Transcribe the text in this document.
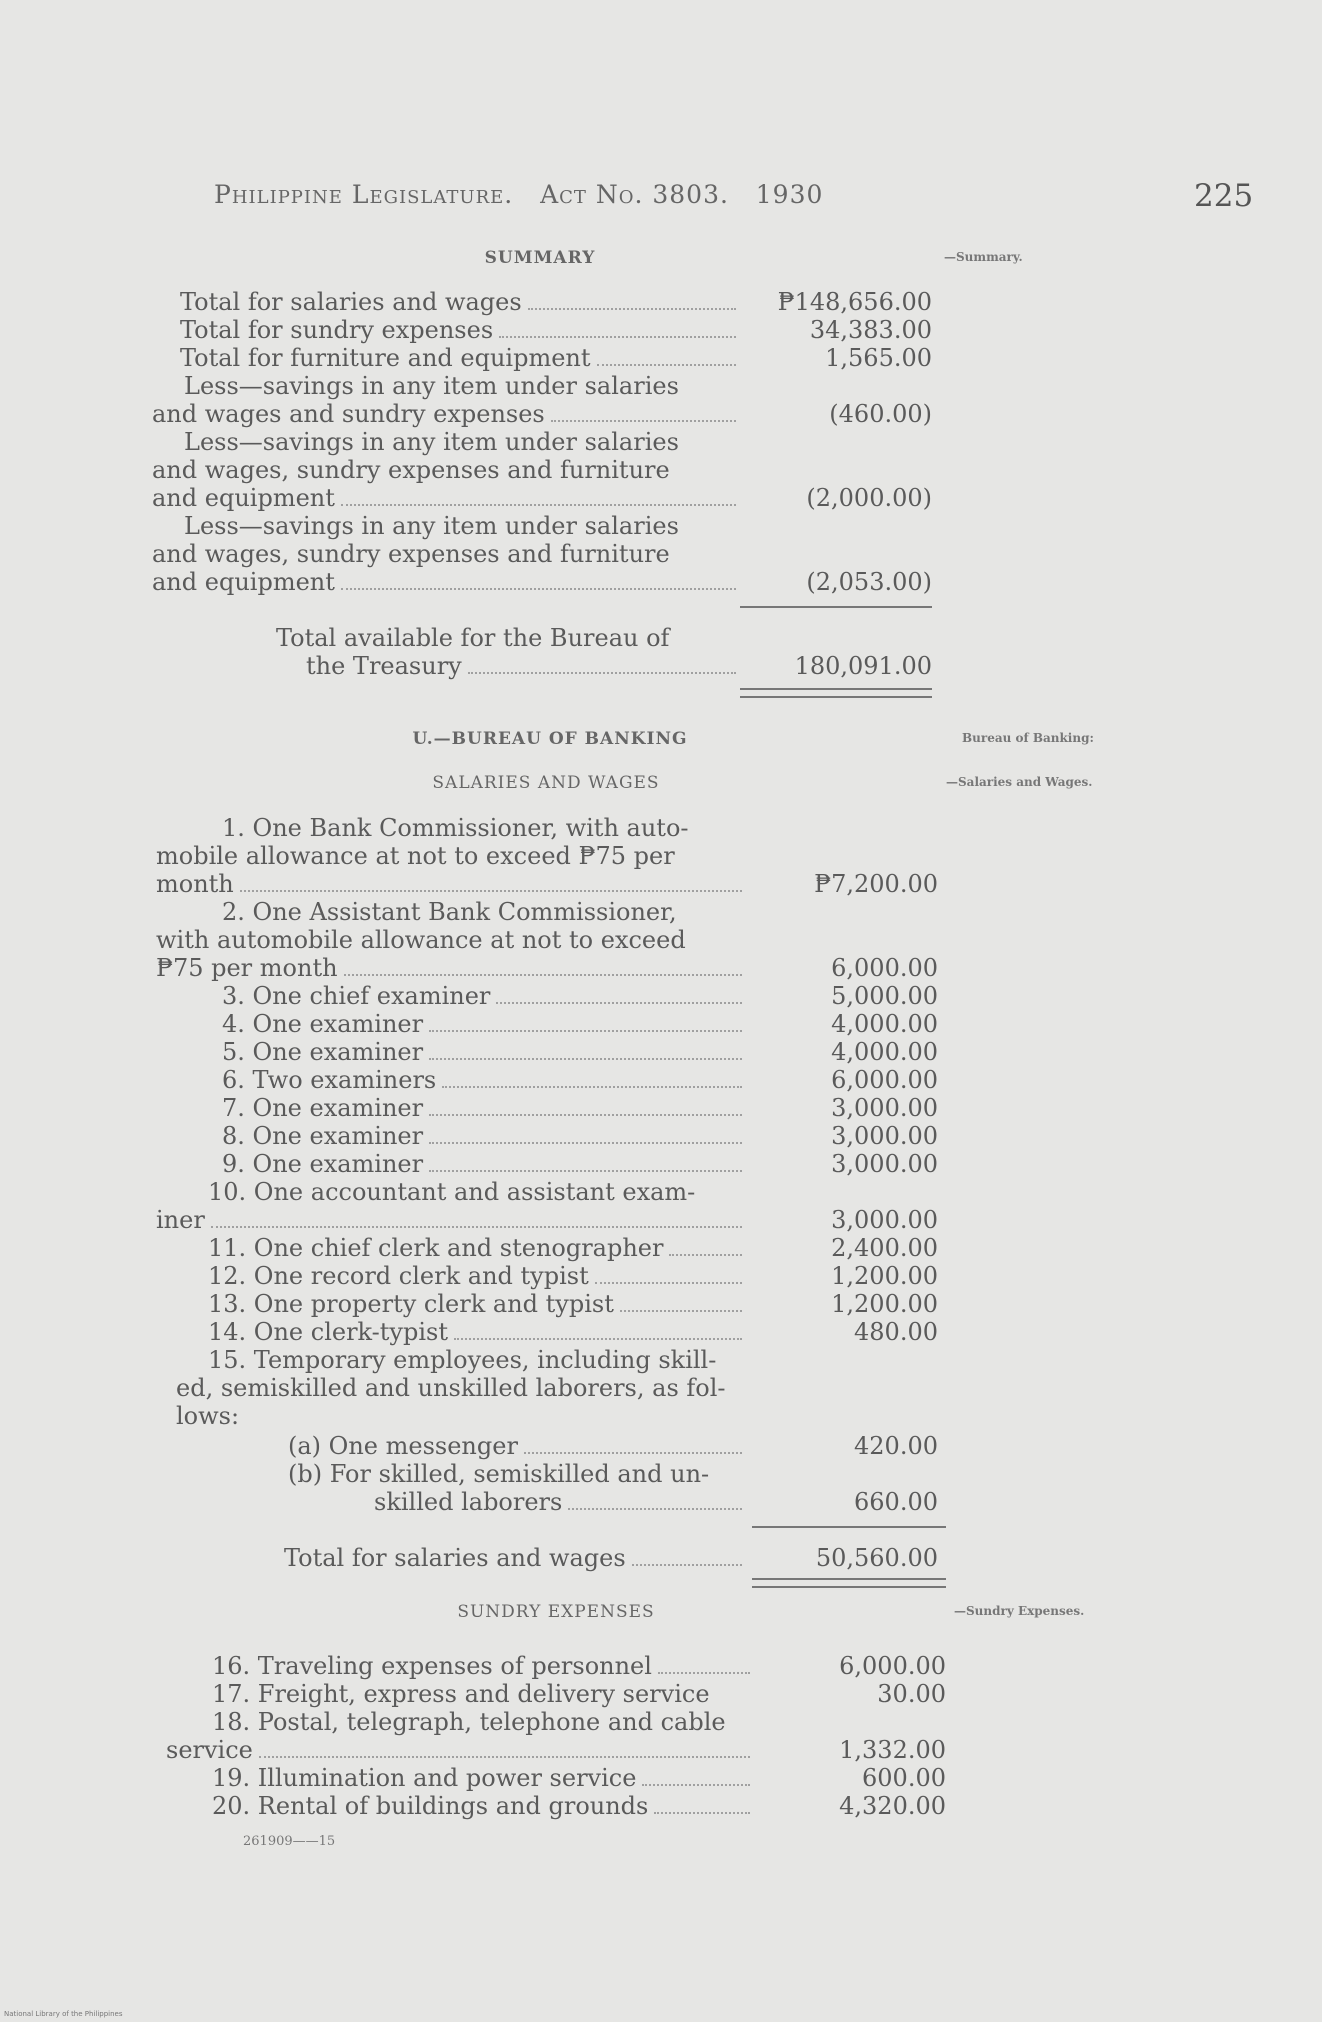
Philippine Legislature. Act No. 3803. 1930	225
SUMMARY	—Summary.
Total for salaries and wages	₱148,656.00
Total for sundry expenses	34,383.00
Total for furniture and equipment	1,565.00
Less—savings in any item under salaries
and wages and sundry expenses	(460.00)
Less—savings in any item under salaries
and wages, sundry expenses and furniture
and equipment	(2,000.00)
Less—savings in any item under salaries
and wages, sundry expenses and furniture
and equipment	(2,053.00)
Total available for the Bureau of
the Treasury	180,091.00
U.—BUREAU OF BANKING	Bureau of Banking:
SALARIES AND WAGES	—Salaries and Wages.
1. One Bank Commissioner, with auto-
mobile allowance at not to exceed ₱75 per
month	₱7,200.00
2. One Assistant Bank Commissioner,
with automobile allowance at not to exceed
₱75 per month	6,000.00
3. One chief examiner	5,000.00
4. One examiner	4,000.00
5. One examiner	4,000.00
6. Two examiners	6,000.00
7. One examiner	3,000.00
8. One examiner	3,000.00
9. One examiner	3,000.00
10. One accountant and assistant exam-
iner	3,000.00
11. One chief clerk and stenographer	2,400.00
12. One record clerk and typist	1,200.00
13. One property clerk and typist	1,200.00
14. One clerk-typist	480.00
15. Temporary employees, including skill-
ed, semiskilled and unskilled laborers, as fol-
lows:
(a) One messenger	420.00
(b) For skilled, semiskilled and un-
skilled laborers	660.00
Total for salaries and wages	50,560.00
SUNDRY EXPENSES	—Sundry Expenses.
16. Traveling expenses of personnel	6,000.00
17. Freight, express and delivery service	30.00
18. Postal, telegraph, telephone and cable
service	1,332.00
19. Illumination and power service	600.00
20. Rental of buildings and grounds	4,320.00
261909——15
National Library of the Philippines
